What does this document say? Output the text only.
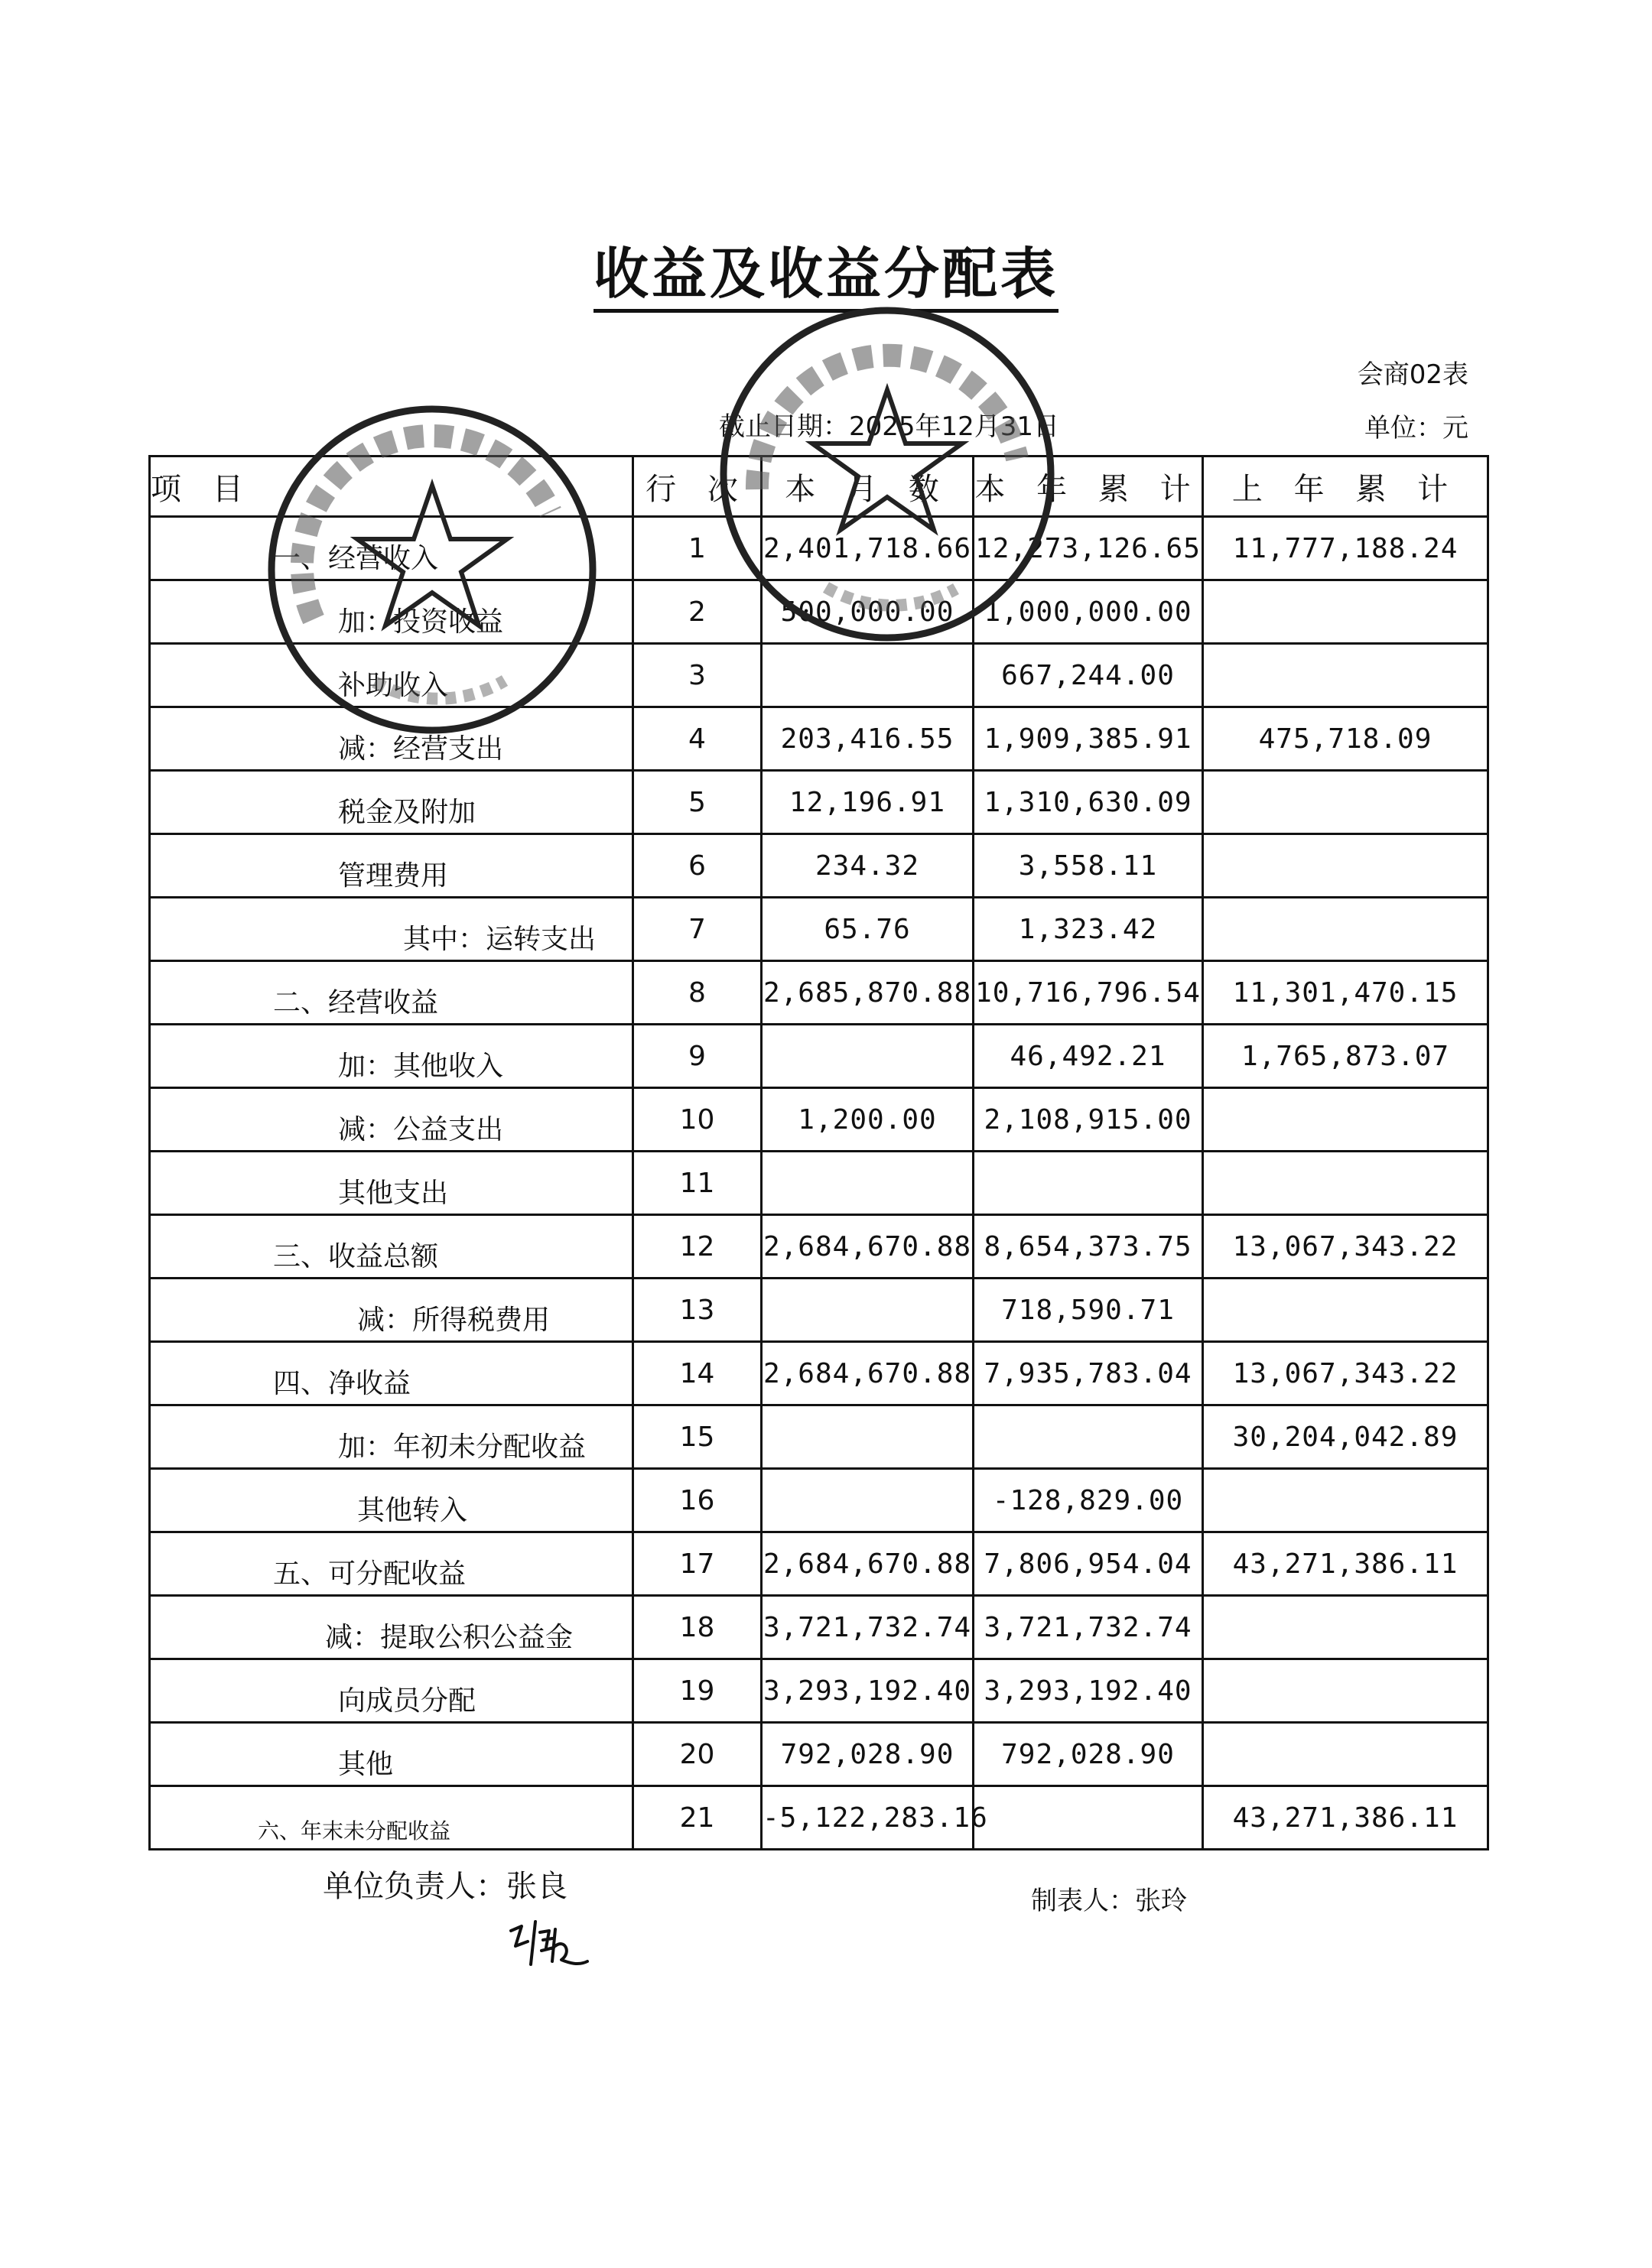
收益及收益分配表
会商02表
截止日期：2025年12月31日	单位：元
项 目	行 次	本 月 数	本 年 累 计	上 年 累 计

一、经营收入	1	2,401,718.66	12,273,126.65	11,777,188.24

加：投资收益	2	500,000.00	1,000,000.00	

补助收入	3		667,244.00	

减：经营支出	4	203,416.55	1,909,385.91	475,718.09

税金及附加	5	12,196.91	1,310,630.09	

管理费用	6	234.32	3,558.11	

其中：运转支出	7	65.76	1,323.42	

二、经营收益	8	2,685,870.88	10,716,796.54	11,301,470.15

加：其他收入	9		46,492.21	1,765,873.07

减：公益支出	10	1,200.00	2,108,915.00	

其他支出	11			

三、收益总额	12	2,684,670.88	8,654,373.75	13,067,343.22

减：所得税费用	13		718,590.71	

四、净收益	14	2,684,670.88	7,935,783.04	13,067,343.22

加：年初未分配收益	15			30,204,042.89

其他转入	16		-128,829.00	

五、可分配收益	17	2,684,670.88	7,806,954.04	43,271,386.11

减：提取公积公益金	18	3,721,732.74	3,721,732.74	

向成员分配	19	3,293,192.40	3,293,192.40	

其他	20	792,028.90	792,028.90	

六、年末未分配收益	21	-5,122,283.16		43,271,386.11
单位负责人：张良	制表人：张玲
